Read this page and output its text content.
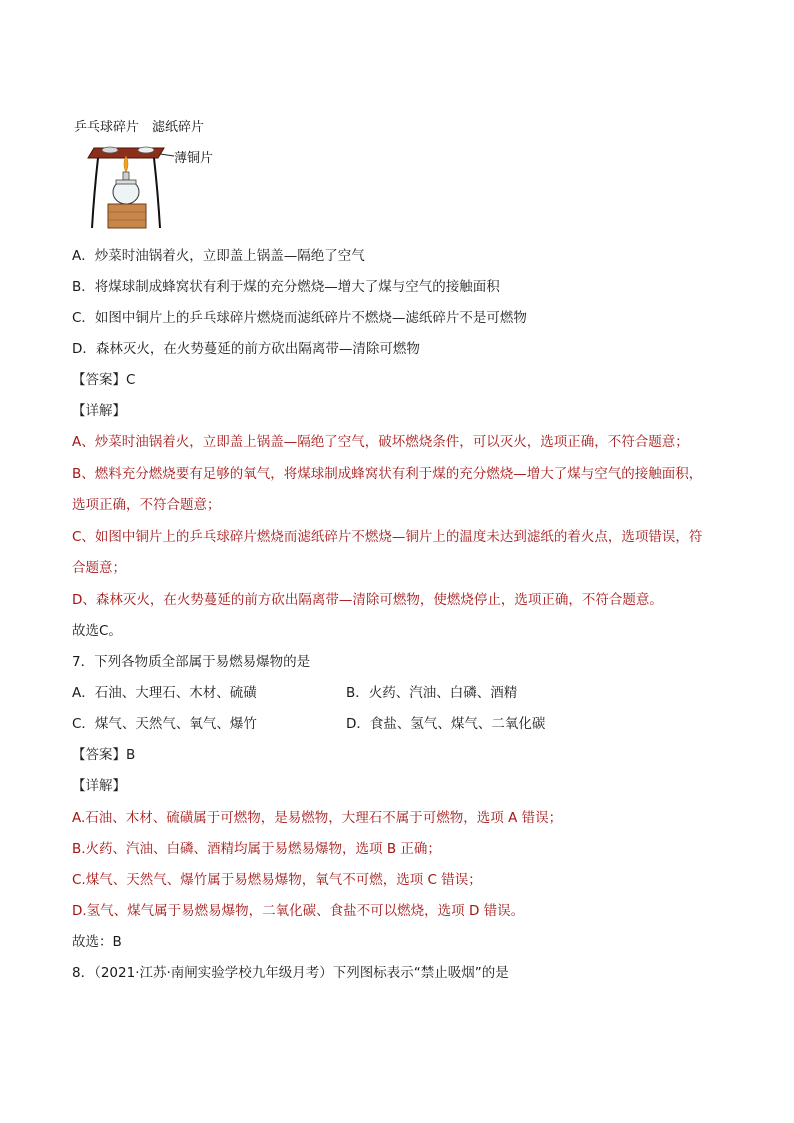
乒乓球碎片 滤纸碎片
薄铜片
A．炒菜时油锅着火，立即盖上锅盖—隔绝了空气
B．将煤球制成蜂窝状有利于煤的充分燃烧—增大了煤与空气的接触面积
C．如图中铜片上的乒乓球碎片燃烧而滤纸碎片不燃烧—滤纸碎片不是可燃物
D．森林灭火，在火势蔓延的前方砍出隔离带—清除可燃物
【答案】C
【详解】
A、炒菜时油锅着火，立即盖上锅盖—隔绝了空气，破坏燃烧条件，可以灭火，选项正确，不符合题意；
B、燃料充分燃烧要有足够的氧气，将煤球制成蜂窝状有利于煤的充分燃烧—增大了煤与空气的接触面积，
选项正确，不符合题意；
C、如图中铜片上的乒乓球碎片燃烧而滤纸碎片不燃烧—铜片上的温度未达到滤纸的着火点，选项错误，符
合题意；
D、森林灭火，在火势蔓延的前方砍出隔离带—清除可燃物，使燃烧停止，选项正确，不符合题意。
故选C。
7．下列各物质全部属于易燃易爆物的是
A．石油、大理石、木材、硫磺	B．火药、汽油、白磷、酒精
C．煤气、天然气、氧气、爆竹	D．食盐、氢气、煤气、二氧化碳
【答案】B
【详解】
A.石油、木材、硫磺属于可燃物，是易燃物，大理石不属于可燃物，选项 A 错误；
B.火药、汽油、白磷、酒精均属于易燃易爆物，选项 B 正确；
C.煤气、天然气、爆竹属于易燃易爆物，氧气不可燃，选项 C 错误；
D.氢气、煤气属于易燃易爆物，二氧化碳、食盐不可以燃烧，选项 D 错误。
故选：B
8．（2021·江苏·南闸实验学校九年级月考）下列图标表示“禁止吸烟”的是
